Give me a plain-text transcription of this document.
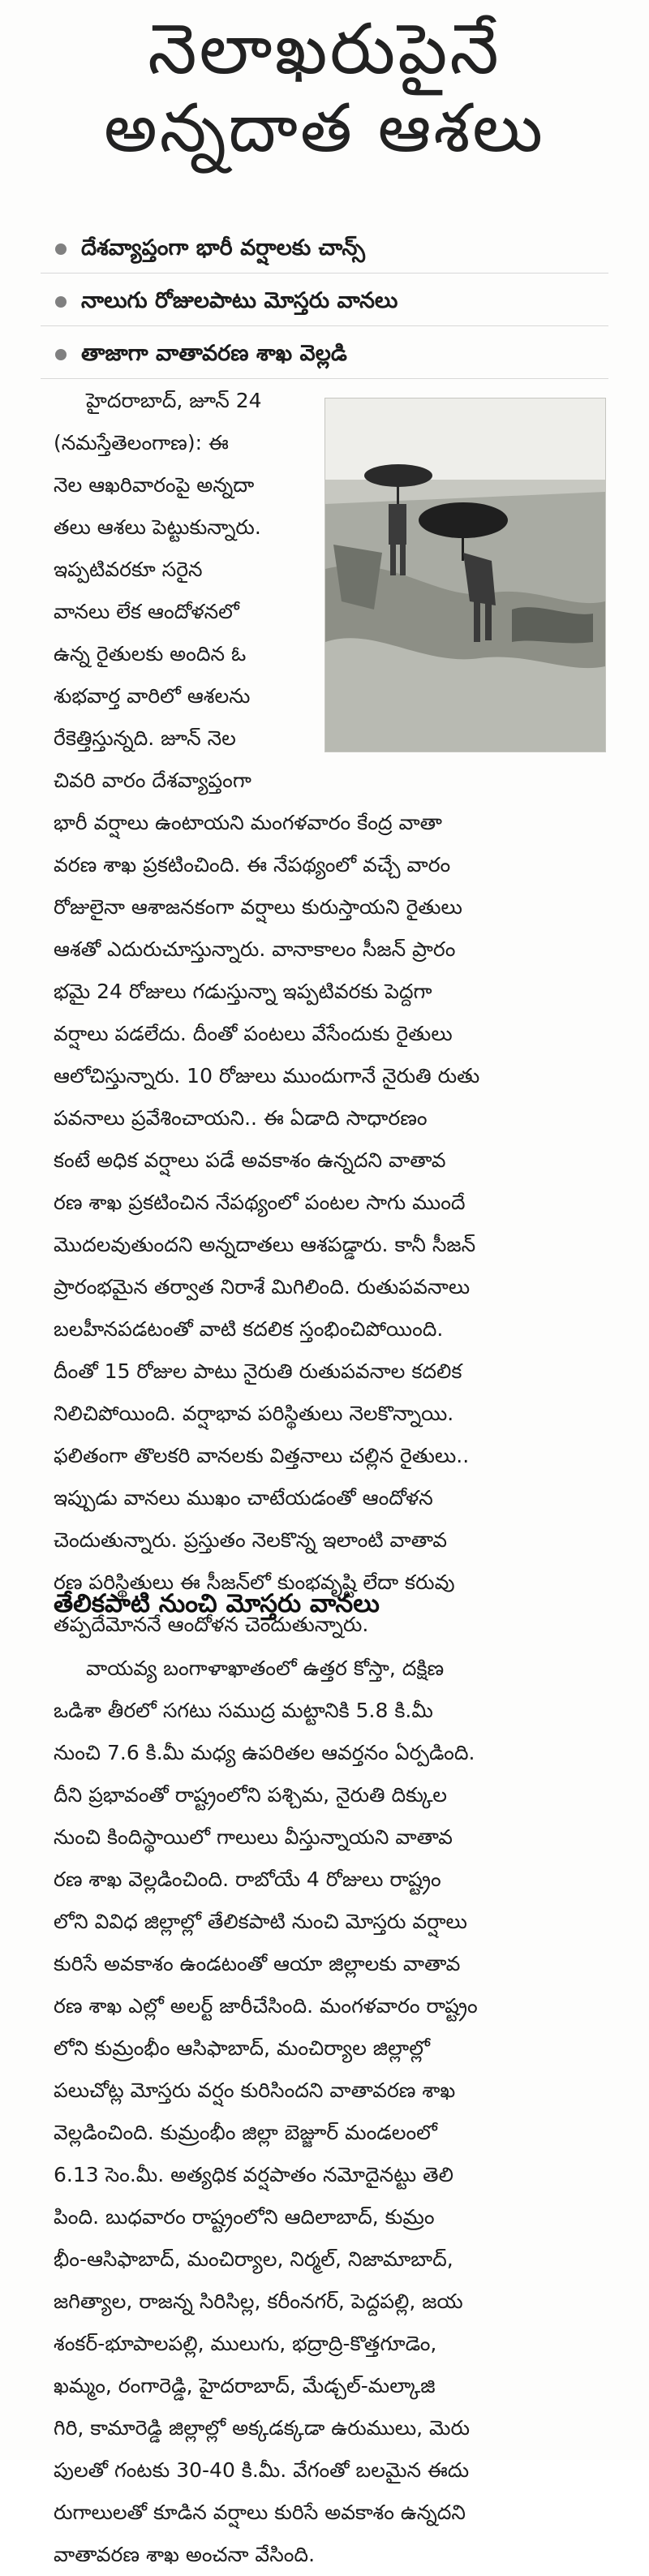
నెలాఖరుపైనే
అన్నదాత ఆశలు
దేశవ్యాప్తంగా భారీ వర్షాలకు చాన్స్
నాలుగు రోజులపాటు మోస్తరు వానలు
తాజాగా వాతావరణ శాఖ వెల్లడి
హైదరాబాద్, జూన్ 24
(నమస్తేతెలంగాణ): ఈ
నెల ఆఖరివారంపై అన్నదా
తలు ఆశలు పెట్టుకున్నారు.
ఇప్పటివరకూ సరైన
వానలు లేక ఆందోళనలో
ఉన్న రైతులకు అందిన ఓ
శుభవార్త వారిలో ఆశలను
రేకెత్తిస్తున్నది. జూన్ నెల
చివరి వారం దేశవ్యాప్తంగా
భారీ వర్షాలు ఉంటాయని మంగళవారం కేంద్ర వాతా
వరణ శాఖ ప్రకటించింది. ఈ నేపథ్యంలో వచ్చే వారం
రోజులైనా ఆశాజనకంగా వర్షాలు కురుస్తాయని రైతులు
ఆశతో ఎదురుచూస్తున్నారు. వానాకాలం సీజన్ ప్రారం
భమై 24 రోజులు గడుస్తున్నా ఇప్పటివరకు పెద్దగా
వర్షాలు పడలేదు. దీంతో పంటలు వేసేందుకు రైతులు
ఆలోచిస్తున్నారు. 10 రోజులు ముందుగానే నైరుతి రుతు
పవనాలు ప్రవేశించాయని.. ఈ ఏడాది సాధారణం
కంటే అధిక వర్షాలు పడే అవకాశం ఉన్నదని వాతావ
రణ శాఖ ప్రకటించిన నేపథ్యంలో పంటల సాగు ముందే
మొదలవుతుందని అన్నదాతలు ఆశపడ్డారు. కానీ సీజన్
ప్రారంభమైన తర్వాత నిరాశే మిగిలింది. రుతుపవనాలు
బలహీనపడటంతో వాటి కదలిక స్తంభించిపోయింది.
దీంతో 15 రోజుల పాటు నైరుతి రుతుపవనాల కదలిక
నిలిచిపోయింది. వర్షాభావ పరిస్థితులు నెలకొన్నాయి.
ఫలితంగా తొలకరి వానలకు విత్తనాలు చల్లిన రైతులు..
ఇప్పుడు వానలు ముఖం చాటేయడంతో ఆందోళన
చెందుతున్నారు. ప్రస్తుతం నెలకొన్న ఇలాంటి వాతావ
రణ పరిస్థితులు ఈ సీజన్‌లో కుంభవృష్టి లేదా కరువు
తప్పదేమోననే ఆందోళన చెందుతున్నారు.
తేలికపాటి నుంచి మోస్తరు వానలు
వాయవ్య బంగాళాఖాతంలో ఉత్తర కోస్తా, దక్షిణ
ఒడిశా తీరలో సగటు సముద్ర మట్టానికి 5.8 కి.మీ
నుంచి 7.6 కి.మీ మధ్య ఉపరితల ఆవర్తనం ఏర్పడింది.
దీని ప్రభావంతో రాష్ట్రంలోని పశ్చిమ, నైరుతి దిక్కుల
నుంచి కిందిస్థాయిలో గాలులు వీస్తున్నాయని వాతావ
రణ శాఖ వెల్లడించింది. రాబోయే 4 రోజులు రాష్ట్రం
లోని వివిధ జిల్లాల్లో తేలికపాటి నుంచి మోస్తరు వర్షాలు
కురిసే అవకాశం ఉండటంతో ఆయా జిల్లాలకు వాతావ
రణ శాఖ ఎల్లో అలర్ట్ జారీచేసింది. మంగళవారం రాష్ట్రం
లోని కుమ్రంభీం ఆసిఫాబాద్, మంచిర్యాల జిల్లాల్లో
పలుచోట్ల మోస్తరు వర్షం కురిసిందని వాతావరణ శాఖ
వెల్లడించింది. కుమ్రంభీం జిల్లా బెజ్జూర్ మండలంలో
6.13 సెం.మీ. అత్యధిక వర్షపాతం నమోదైనట్టు తెలి
పింది. బుధవారం రాష్ట్రంలోని ఆదిలాబాద్, కుమ్రం
భీం-ఆసిఫాబాద్, మంచిర్యాల, నిర్మల్, నిజామాబాద్,
జగిత్యాల, రాజన్న సిరిసిల్ల, కరీంనగర్, పెద్దపల్లి, జయ
శంకర్-భూపాలపల్లి, ములుగు, భద్రాద్రి-కొత్తగూడెం,
ఖమ్మం, రంగారెడ్డి, హైదరాబాద్, మేడ్చల్-మల్కాజి
గిరి, కామారెడ్డి జిల్లాల్లో అక్కడక్కడా ఉరుములు, మెరు
పులతో గంటకు 30-40 కి.మీ. వేగంతో బలమైన ఈదు
రుగాలులతో కూడిన వర్షాలు కురిసే అవకాశం ఉన్నదని
వాతావరణ శాఖ అంచనా వేసింది.
